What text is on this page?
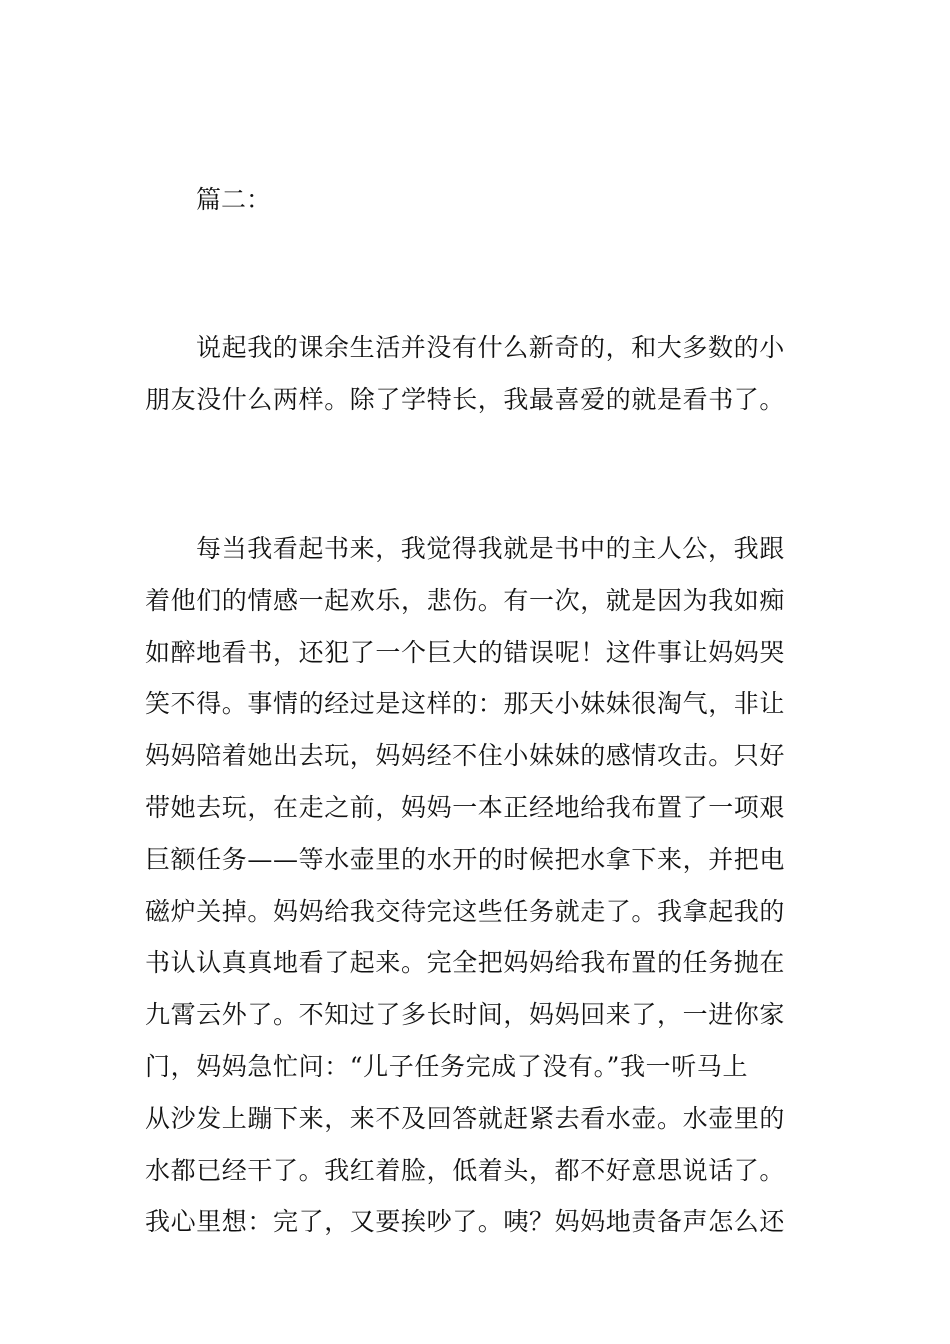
篇二：
说起我的课余生活并没有什么新奇的，和大多数的小
朋友没什么两样。除了学特长，我最喜爱的就是看书了。
每当我看起书来，我觉得我就是书中的主人公，我跟
着他们的情感一起欢乐，悲伤。有一次，就是因为我如痴
如醉地看书，还犯了一个巨大的错误呢！这件事让妈妈哭
笑不得。事情的经过是这样的：那天小妹妹很淘气，非让
妈妈陪着她出去玩，妈妈经不住小妹妹的感情攻击。只好
带她去玩，在走之前，妈妈一本正经地给我布置了一项艰
巨额任务——等水壶里的水开的时候把水拿下来，并把电
磁炉关掉。妈妈给我交待完这些任务就走了。我拿起我的
书认认真真地看了起来。完全把妈妈给我布置的任务抛在
九霄云外了。不知过了多长时间，妈妈回来了，一进你家
门，妈妈急忙问：“儿子任务完成了没有。”我一听马上
从沙发上蹦下来，来不及回答就赶紧去看水壶。水壶里的
水都已经干了。我红着脸，低着头，都不好意思说话了。
我心里想：完了，又要挨吵了。咦？妈妈地责备声怎么还
